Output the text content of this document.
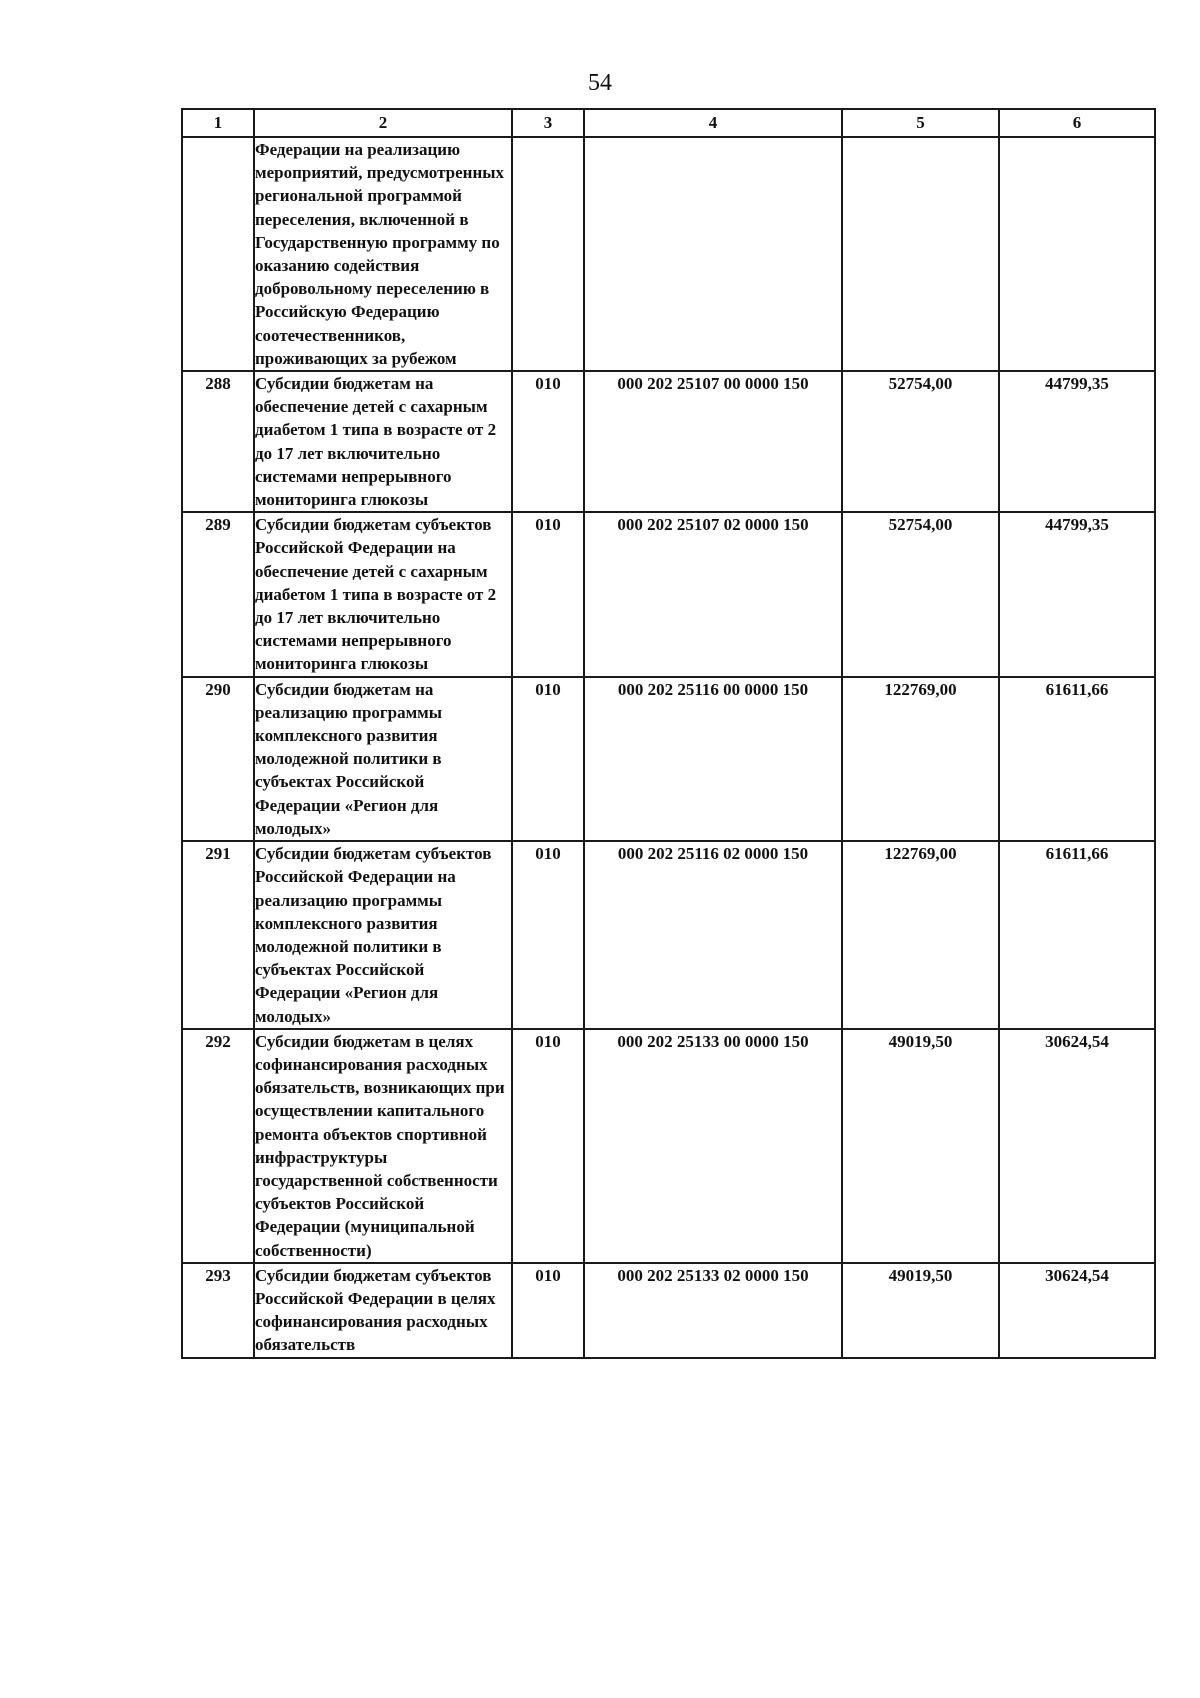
54
1	2	3	4	5	6
	Федерации на реализацию мероприятий, предусмотренных региональной программой переселения, включенной в Государственную программу по оказанию содействия добровольному переселению в Российскую Федерацию соотечественников, проживающих за рубежом				
288	Субсидии бюджетам на обеспечение детей с сахарным диабетом 1 типа в возрасте от 2 до 17 лет включительно системами непрерывного мониторинга глюкозы	010	000 202 25107 00 0000 150	52754,00	44799,35
289	Субсидии бюджетам субъектов Российской Федерации на обеспечение детей с сахарным диабетом 1 типа в возрасте от 2 до 17 лет включительно системами непрерывного мониторинга глюкозы	010	000 202 25107 02 0000 150	52754,00	44799,35
290	Субсидии бюджетам на реализацию программы комплексного развития молодежной политики в субъектах Российской Федерации «Регион для молодых»	010	000 202 25116 00 0000 150	122769,00	61611,66
291	Субсидии бюджетам субъектов Российской Федерации на реализацию программы комплексного развития молодежной политики в субъектах Российской Федерации «Регион для молодых»	010	000 202 25116 02 0000 150	122769,00	61611,66
292	Субсидии бюджетам в целях софинансирования расходных обязательств, возникающих при осуществлении капитального ремонта объектов спортивной инфраструктуры государственной собственности субъектов Российской Федерации (муниципальной собственности)	010	000 202 25133 00 0000 150	49019,50	30624,54
293	Субсидии бюджетам субъектов Российской Федерации в целях софинансирования расходных обязательств	010	000 202 25133 02 0000 150	49019,50	30624,54
